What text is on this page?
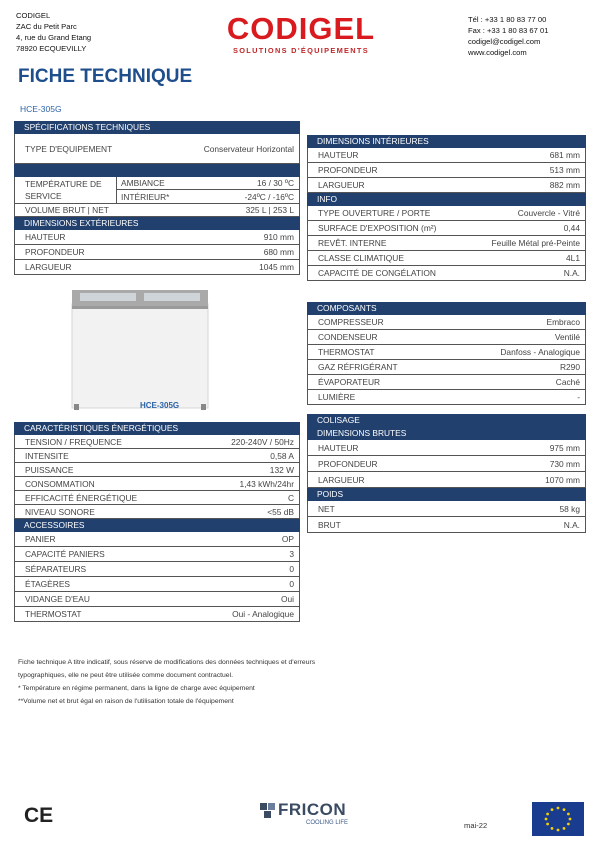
CODIGEL
ZAC du Petit Parc
4, rue du Grand Etang
78920 ECQUEVILLY
CODIGEL
SOLUTIONS D'ÉQUIPEMENTS
Tél : +33 1 80 83 77 00
Fax : +33 1 80 83 67 01
codigel@codigel.com
www.codigel.com
FICHE TECHNIQUE
HCE-305G
SPÉCIFICATIONS TECHNIQUES
TYPE D'EQUIPEMENT	Conservateur Horizontal
TEMPÉRATURE DE
SERVICE
AMBIANCE	16 / 30 ºC
INTÉRIEUR*	-24ºC / -16ºC
VOLUME BRUT | NET	325 L | 253 L
DIMENSIONS EXTÉRIEURES
HAUTEUR	910 mm
PROFONDEUR	680 mm
LARGUEUR	1045 mm
DIMENSIONS INTÉRIEURES
HAUTEUR	681 mm
PROFONDEUR	513 mm
LARGUEUR	882 mm
INFO
TYPE OUVERTURE / PORTE	Couvercle - Vitré
SURFACE D'EXPOSITION (m²)	0,44
REVÊT. INTERNE	Feuille Métal pré-Peinte
CLASSE CLIMATIQUE	4L1
CAPACITÉ DE CONGÉLATION	N.A.
HCE-305G
COMPOSANTS
COMPRESSEUR	Embraco
CONDENSEUR	Ventilé
THERMOSTAT	Danfoss - Analogique
GAZ RÉFRIGÉRANT	R290
ÉVAPORATEUR	Caché
LUMIÈRE	-
CARACTÉRISTIQUES ÉNERGÉTIQUES
TENSION / FREQUENCE	220-240V / 50Hz
INTENSITE	0,58 A
PUISSANCE	132 W
CONSOMMATION	1,43 kWh/24hr
EFFICACITÉ ÉNERGÉTIQUE	C
NIVEAU SONORE	<55 dB
ACCESSOIRES
PANIER	OP
CAPACITÉ PANIERS	3
SÉPARATEURS	0
ÉTAGÈRES	0
VIDANGE D'EAU	Oui
THERMOSTAT	Oui - Analogique
COLISAGE
DIMENSIONS BRUTES
HAUTEUR	975 mm
PROFONDEUR	730 mm
LARGUEUR	1070 mm
POIDS
NET	58 kg
BRUT	N.A.
Fiche technique A titre indicatif, sous réserve de modifications des données techniques et d'erreurs
typographiques, elle ne peut être utilisée comme document contractuel.
* Température en régime permanent, dans la ligne de charge avec équipement
**Volume net et brut égal en raison de l'utilisation totale de l'équipement
CE	FRICON
COOLING LIFE	mai-22
